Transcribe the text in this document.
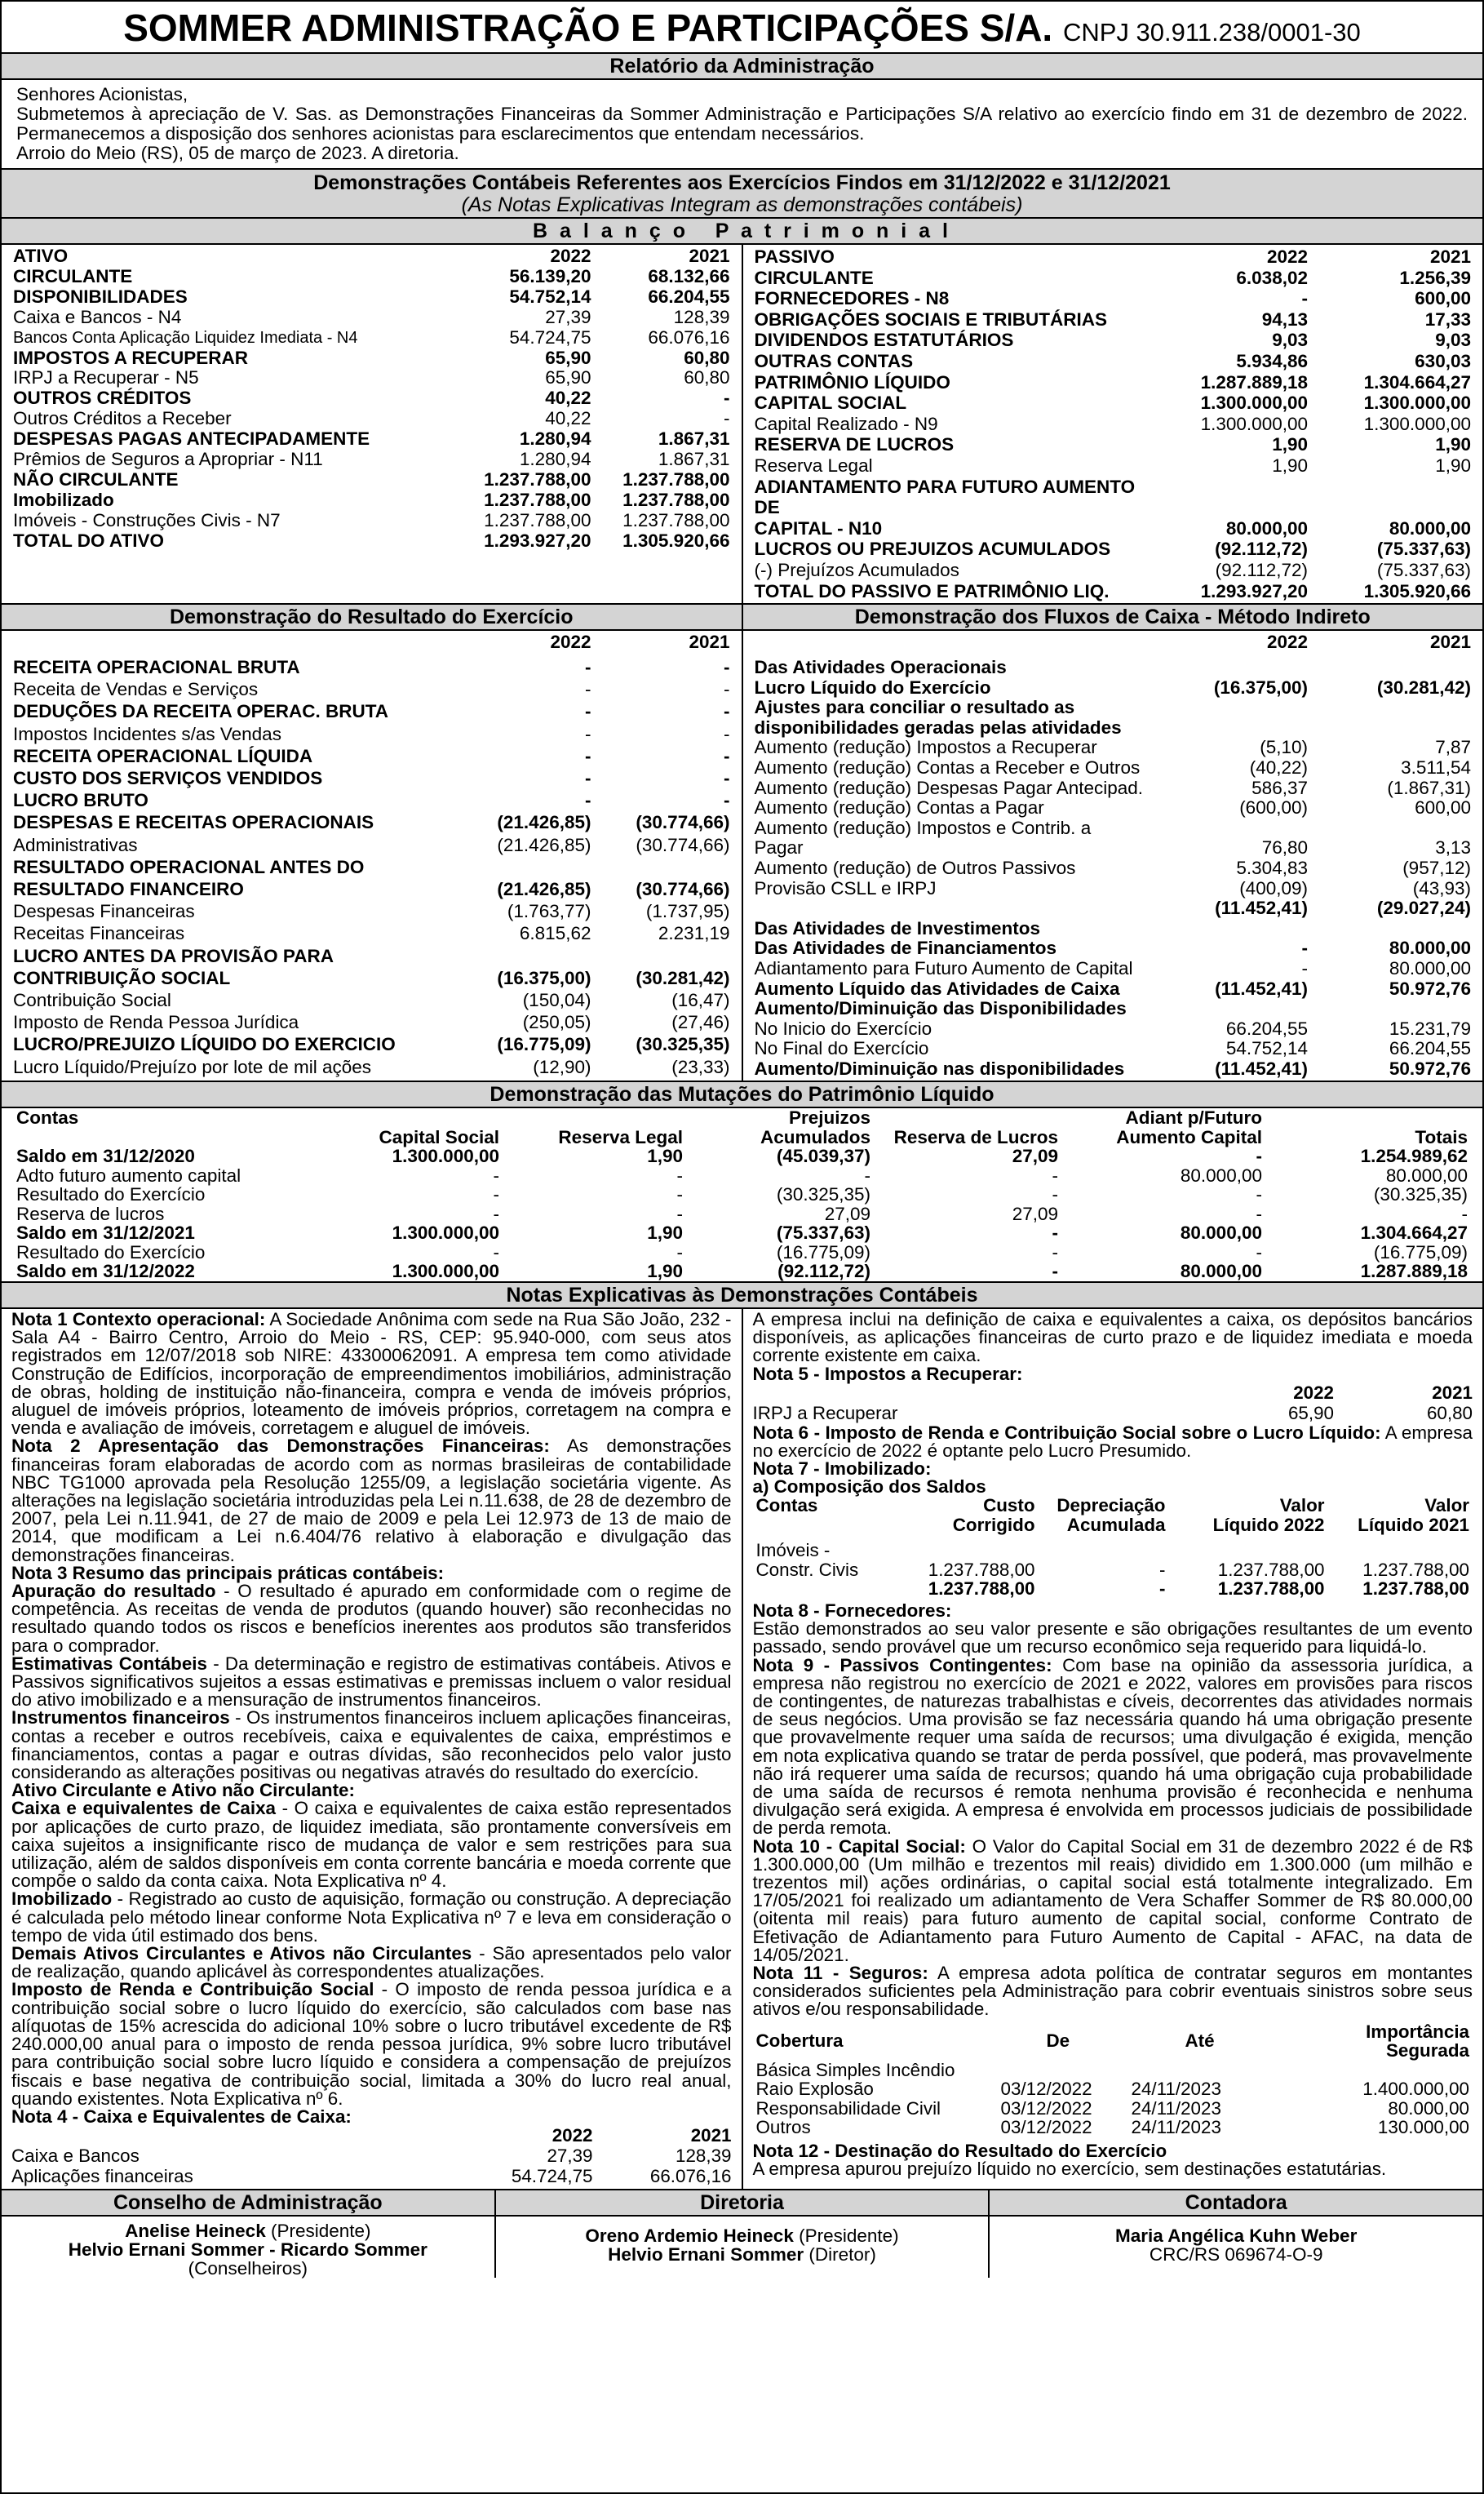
SOMMER ADMINISTRAÇÃO E PARTICIPAÇÕES S/A. CNPJ 30.911.238/0001-30
Relatório da Administração
Senhores Acionistas,
Submetemos à apreciação de V. Sas. as Demonstrações Financeiras da Sommer Administração e Participações S/A relativo ao exercício findo em 31 de dezembro de 2022. Permanecemos a disposição dos senhores acionistas para esclarecimentos que entendam necessários.
Arroio do Meio (RS), 05 de março de 2023. A diretoria.
Demonstrações Contábeis Referentes aos Exercícios Findos em 31/12/2022 e 31/12/2021
(As Notas Explicativas Integram as demonstrações contábeis)
B a l a n ç o   P a t r i m o n i a l
ATIVO	2022	2021
CIRCULANTE	56.139,20	68.132,66
DISPONIBILIDADES	54.752,14	66.204,55
Caixa e Bancos - N4	27,39	128,39
Bancos Conta Aplicação Liquidez Imediata - N4	54.724,75	66.076,16
IMPOSTOS A RECUPERAR	65,90	60,80
IRPJ a Recuperar - N5	65,90	60,80
OUTROS CRÉDITOS	40,22	-
Outros Créditos a Receber	40,22	-
DESPESAS PAGAS ANTECIPADAMENTE	1.280,94	1.867,31
Prêmios de Seguros a Apropriar - N11	1.280,94	1.867,31
NÃO CIRCULANTE	1.237.788,00	1.237.788,00
Imobilizado	1.237.788,00	1.237.788,00
Imóveis - Construções Civis - N7	1.237.788,00	1.237.788,00
TOTAL DO ATIVO	1.293.927,20	1.305.920,66
PASSIVO	2022	2021
CIRCULANTE	6.038,02	1.256,39
FORNECEDORES - N8	-	600,00
OBRIGAÇÕES SOCIAIS E TRIBUTÁRIAS	94,13	17,33
DIVIDENDOS ESTATUTÁRIOS	9,03	9,03
OUTRAS CONTAS	5.934,86	630,03
PATRIMÔNIO LÍQUIDO	1.287.889,18	1.304.664,27
CAPITAL SOCIAL	1.300.000,00	1.300.000,00
Capital Realizado - N9	1.300.000,00	1.300.000,00
RESERVA DE LUCROS	1,90	1,90
Reserva Legal	1,90	1,90
ADIANTAMENTO PARA FUTURO AUMENTO DE
CAPITAL - N10	80.000,00	80.000,00
LUCROS OU PREJUIZOS ACUMULADOS	(92.112,72)	(75.337,63)
(-) Prejuízos Acumulados	(92.112,72)	(75.337,63)
TOTAL DO PASSIVO E PATRIMÔNIO LIQ.	1.293.927,20	1.305.920,66
Demonstração do Resultado do Exercício
2022	2021
RECEITA OPERACIONAL BRUTA	-	-
Receita de Vendas e Serviços	-	-
DEDUÇÕES DA RECEITA OPERAC. BRUTA	-	-
Impostos Incidentes s/as Vendas	-	-
RECEITA OPERACIONAL LÍQUIDA	-	-
CUSTO DOS SERVIÇOS VENDIDOS	-	-
LUCRO BRUTO	-	-
DESPESAS E RECEITAS OPERACIONAIS	(21.426,85)	(30.774,66)
Administrativas	(21.426,85)	(30.774,66)
RESULTADO OPERACIONAL ANTES DO
RESULTADO FINANCEIRO	(21.426,85)	(30.774,66)
Despesas Financeiras	(1.763,77)	(1.737,95)
Receitas Financeiras	6.815,62	2.231,19
LUCRO ANTES DA PROVISÃO PARA
CONTRIBUIÇÃO SOCIAL	(16.375,00)	(30.281,42)
Contribuição Social	(150,04)	(16,47)
Imposto de Renda Pessoa Jurídica	(250,05)	(27,46)
LUCRO/PREJUIZO LÍQUIDO DO EXERCICIO	(16.775,09)	(30.325,35)
Lucro Líquido/Prejuízo por lote de mil ações	(12,90)	(23,33)
Demonstração dos Fluxos de Caixa - Método Indireto
2022	2021
Das Atividades Operacionais
Lucro Líquido do Exercício	(16.375,00)	(30.281,42)
Ajustes para conciliar o resultado as
disponibilidades geradas pelas atividades
Aumento (redução) Impostos a Recuperar	(5,10)	7,87
Aumento (redução) Contas a Receber e Outros	(40,22)	3.511,54
Aumento (redução) Despesas Pagar Antecipad.	586,37	(1.867,31)
Aumento (redução) Contas a Pagar	(600,00)	600,00
Aumento (redução) Impostos e Contrib. a Pagar	76,80	3,13
Aumento (redução) de Outros Passivos	5.304,83	(957,12)
Provisão CSLL e IRPJ	(400,09)	(43,93)
(11.452,41)	(29.027,24)
Das Atividades de Investimentos
Das Atividades de Financiamentos	-	80.000,00
Adiantamento para Futuro Aumento de Capital	-	80.000,00
Aumento Líquido das Atividades de Caixa	(11.452,41)	50.972,76
Aumento/Diminuição das Disponibilidades
No Inicio do Exercício	66.204,55	15.231,79
No Final do Exercício	54.752,14	66.204,55
Aumento/Diminuição nas disponibilidades	(11.452,41)	50.972,76
Demonstração das Mutações do Patrimônio Líquido
Contas			Prejuizos		Adiant p/Futuro	
	Capital Social	Reserva Legal	Acumulados	Reserva de Lucros	Aumento Capital	Totais
Saldo em 31/12/2020	1.300.000,00	1,90	(45.039,37)	27,09	-	1.254.989,62
Adto futuro aumento capital	-	-	-	-	80.000,00	80.000,00
Resultado do Exercício	-	-	(30.325,35)	-	-	(30.325,35)
Reserva de lucros	-	-	27,09	27,09	-	-
Saldo em 31/12/2021	1.300.000,00	1,90	(75.337,63)	-	80.000,00	1.304.664,27
Resultado do Exercício	-	-	(16.775,09)	-	-	(16.775,09)
Saldo em 31/12/2022	1.300.000,00	1,90	(92.112,72)	-	80.000,00	1.287.889,18
Notas Explicativas às Demonstrações Contábeis

Nota 1 Contexto operacional: A Sociedade Anônima com sede na Rua São João, 232 - Sala A4 - Bairro Centro, Arroio do Meio - RS, CEP: 95.940-000, com seus atos registrados em 12/07/2018 sob NIRE: 43300062091. A empresa tem como atividade Construção de Edifícios, incorporação de empreendimentos imobiliários, administração de obras, holding de instituição não-financeira, compra e venda de imóveis próprios, aluguel de imóveis próprios, loteamento de imóveis próprios, corretagem na compra e venda e avaliação de imóveis, corretagem e aluguel de imóveis.

Nota 2 Apresentação das Demonstrações Financeiras: As demonstrações financeiras foram elaboradas de acordo com as normas brasileiras de contabilidade NBC TG1000 aprovada pela Resolução 1255/09, a legislação societária vigente. As alterações na legislação societária introduzidas pela Lei n.11.638, de 28 de dezembro de 2007, pela Lei n.11.941, de 27 de maio de 2009 e pela Lei 12.973 de 13 de maio de 2014, que modificam a Lei n.6.404/76 relativo à elaboração e divulgação das demonstrações financeiras.

Nota 3 Resumo das principais práticas contábeis:

Apuração do resultado - O resultado é apurado em conformidade com o regime de competência. As receitas de venda de produtos (quando houver) são reconhecidas no resultado quando todos os riscos e benefícios inerentes aos produtos são transferidos para o comprador.

Estimativas Contábeis - Da determinação e registro de estimativas contábeis. Ativos e Passivos significativos sujeitos a essas estimativas e premissas incluem o valor residual do ativo imobilizado e a mensuração de instrumentos financeiros.

Instrumentos financeiros - Os instrumentos financeiros incluem aplicações financeiras, contas a receber e outros recebíveis, caixa e equivalentes de caixa, empréstimos e financiamentos, contas a pagar e outras dívidas, são reconhecidos pelo valor justo considerando as alterações positivas ou negativas através do resultado do exercício.

Ativo Circulante e Ativo não Circulante:

Caixa e equivalentes de Caixa - O caixa e equivalentes de caixa estão representados por aplicações de curto prazo, de liquidez imediata, são prontamente conversíveis em caixa sujeitos a insignificante risco de mudança de valor e sem restrições para sua utilização, além de saldos disponíveis em conta corrente bancária e moeda corrente que compõe o saldo da conta caixa. Nota Explicativa nº 4.

Imobilizado - Registrado ao custo de aquisição, formação ou construção. A depreciação é calculada pelo método linear conforme Nota Explicativa nº 7 e leva em consideração o tempo de vida útil estimado dos bens.

Demais Ativos Circulantes e Ativos não Circulantes - São apresentados pelo valor de realização, quando aplicável às correspondentes atualizações.

Imposto de Renda e Contribuição Social - O imposto de renda pessoa jurídica e a contribuição social sobre o lucro líquido do exercício, são calculados com base nas alíquotas de 15% acrescida do adicional 10% sobre o lucro tributável excedente de R$ 240.000,00 anual para o imposto de renda pessoa jurídica, 9% sobre lucro tributável para contribuição social sobre lucro líquido e considera a compensação de prejuízos fiscais e base negativa de contribuição social, limitada a 30% do lucro real anual, quando existentes. Nota Explicativa nº 6.

Nota 4 - Caixa e Equivalentes de Caixa:

2022	2021
Caixa e Bancos	27,39	128,39
Aplicações financeiras	54.724,75	66.076,16

A empresa inclui na definição de caixa e equivalentes a caixa, os depósitos bancários disponíveis, as aplicações financeiras de curto prazo e de liquidez imediata e moeda corrente existente em caixa.

Nota 5 - Impostos a Recuperar:

2022	2021
IRPJ a Recuperar	65,90	60,80

Nota 6 - Imposto de Renda e Contribuição Social sobre o Lucro Líquido: A empresa no exercício de 2022 é optante pelo Lucro Presumido.

Nota 7 - Imobilizado:

a) Composição dos Saldos

	Custo	Depreciação	Valor	Valor
Contas	Corrigido	Acumulada	Líquido 2022	Líquido 2021
Imóveis -				
Constr. Civis	1.237.788,00	-	1.237.788,00	1.237.788,00
	1.237.788,00	-	1.237.788,00	1.237.788,00

Nota 8 - Fornecedores:

Estão demonstrados ao seu valor presente e são obrigações resultantes de um evento passado, sendo provável que um recurso econômico seja requerido para liquidá-lo.

Nota 9 - Passivos Contingentes: Com base na opinião da assessoria jurídica, a empresa não registrou no exercício de 2021 e 2022, valores em provisões para riscos de contingentes, de naturezas trabalhistas e cíveis, decorrentes das atividades normais de seus negócios. Uma provisão se faz necessária quando há uma obrigação presente que provavelmente requer uma saída de recursos; uma divulgação é exigida, menção em nota explicativa quando se tratar de perda possível, que poderá, mas provavelmente não irá requerer uma saída de recursos; quando há uma obrigação cuja probabilidade de uma saída de recursos é remota nenhuma provisão é reconhecida e nenhuma divulgação será exigida. A empresa é envolvida em processos judiciais de possibilidade de perda remota.

Nota 10 - Capital Social: O Valor do Capital Social em 31 de dezembro 2022 é de R$ 1.300.000,00 (Um milhão e trezentos mil reais) dividido em 1.300.000 (um milhão e trezentos mil) ações ordinárias, o capital social está totalmente integralizado. Em 17/05/2021 foi realizado um adiantamento de Vera Schaffer Sommer de R$ 80.000,00 (oitenta mil reais) para futuro aumento de capital social, conforme Contrato de Efetivação de Adiantamento para Futuro Aumento de Capital - AFAC, na data de 14/05/2021.

Nota 11 - Seguros: A empresa adota política de contratar seguros em montantes considerados suficientes pela Administração para cobrir eventuais sinistros sobre seus ativos e/ou responsabilidade.

			Importância
Cobertura	De	Até	Segurada
Básica Simples Incêndio			
Raio Explosão	03/12/2022	24/11/2023	1.400.000,00
Responsabilidade Civil	03/12/2022	24/11/2023	80.000,00
Outros	03/12/2022	24/11/2023	130.000,00

Nota 12 - Destinação do Resultado do Exercício

A empresa apurou prejuízo líquido no exercício, sem destinações estatutárias.

Conselho de Administração
Anelise Heineck (Presidente)
Helvio Ernani Sommer - Ricardo Sommer
(Conselheiros)
Diretoria
Oreno Ardemio Heineck (Presidente)
Helvio Ernani Sommer (Diretor)
Contadora
Maria Angélica Kuhn Weber
CRC/RS 069674-O-9
